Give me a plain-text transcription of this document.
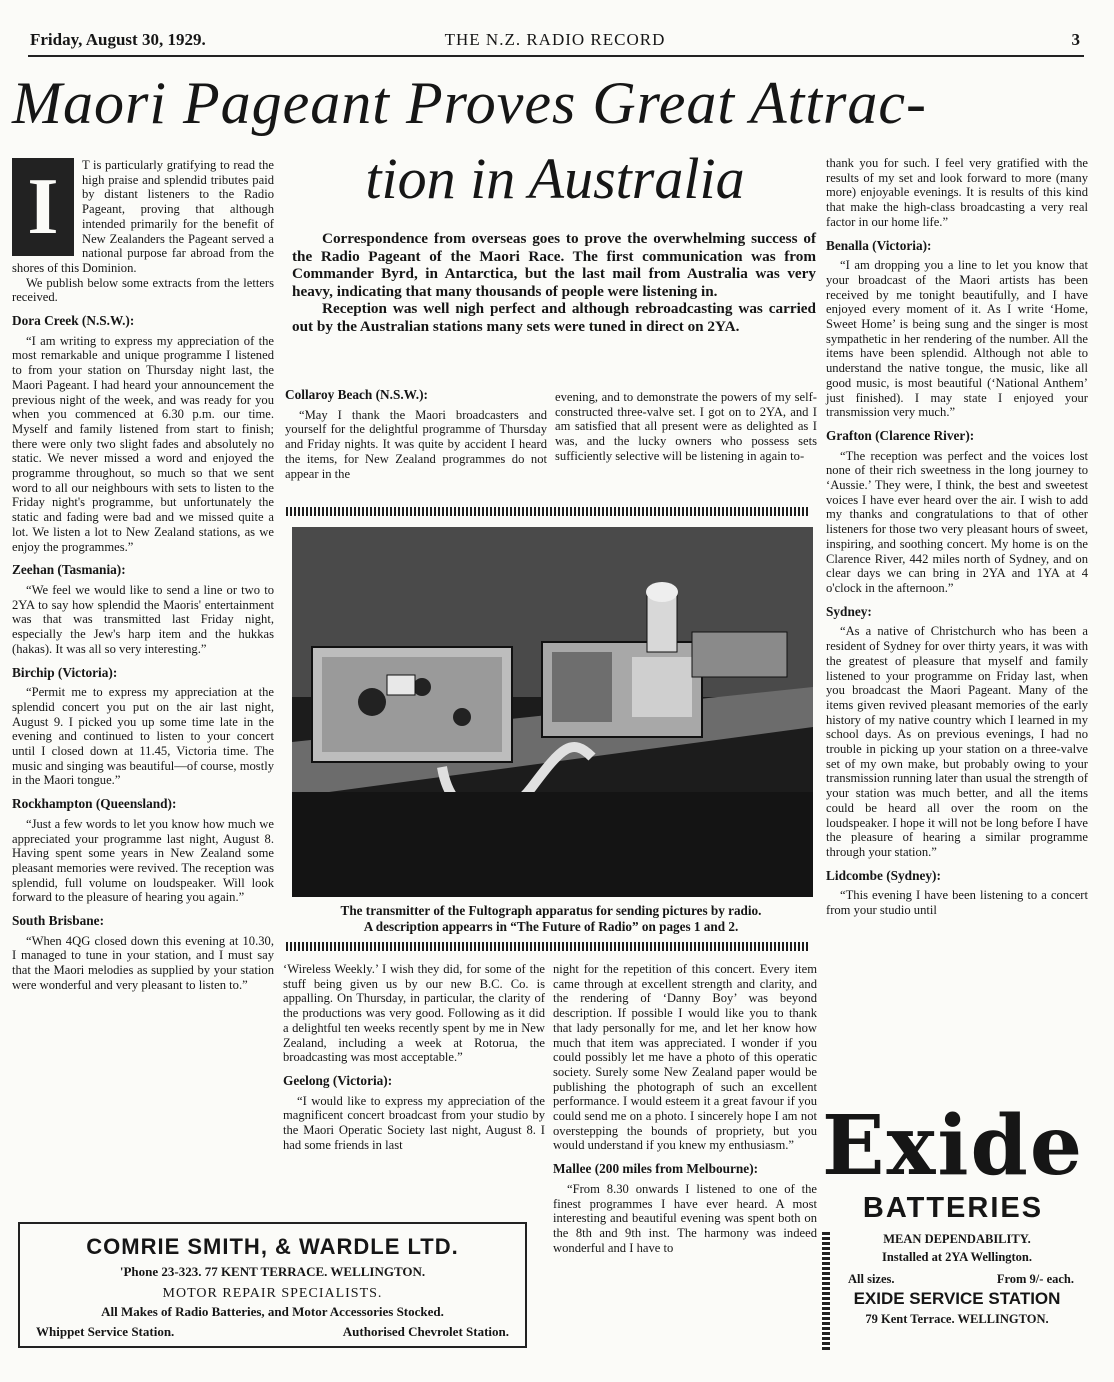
Friday, August 30, 1929.	THE N.Z. RADIO RECORD	3
Maori Pageant Proves Great Attrac-
tion in Australia

Correspondence from overseas goes to prove the overwhelming success of the Radio Pageant of the Maori Race. The first communication was from Commander Byrd, in Antarctica, but the last mail from Australia was very heavy, indicating that many thousands of people were listening in.

Reception was well nigh perfect and although rebroadcasting was carried out by the Australian stations many sets were tuned in direct on 2YA.

I	T is particularly gratifying to read the high praise and splendid tributes paid by distant listeners to the Radio Pageant, proving that although intended primarily for the benefit of New Zealanders the Pageant served a national purpose far abroad from the shores of this Dominion.

We publish below some extracts from the letters received.

Dora Creek (N.S.W.):

“I am writing to express my appreciation of the most remarkable and unique programme I listened to from your station on Thursday night last, the Maori Pageant. I had heard your announcement the previous night of the week, and was ready for you when you commenced at 6.30 p.m. our time. Myself and family listened from start to finish; there were only two slight fades and absolutely no static. We never missed a word and enjoyed the programme throughout, so much so that we sent word to all our neighbours with sets to listen to the Friday night's programme, but unfortunately the static and fading were bad and we missed quite a lot. We listen a lot to New Zealand stations, as we enjoy the programmes.”

Zeehan (Tasmania):

“We feel we would like to send a line or two to 2YA to say how splendid the Maoris' entertainment was that was transmitted last Friday night, especially the Jew's harp item and the hukkas (hakas). It was all so very interesting.”

Birchip (Victoria):

“Permit me to express my appreciation at the splendid concert you put on the air last night, August 9. I picked you up some time late in the evening and continued to listen to your concert until I closed down at 11.45, Victoria time. The music and singing was beautiful—of course, mostly in the Maori tongue.”

Rockhampton (Queensland):

“Just a few words to let you know how much we appreciated your programme last night, August 8. Having spent some years in New Zealand some pleasant memories were revived. The reception was splendid, full volume on loudspeaker. Will look forward to the pleasure of hearing you again.”

South Brisbane:

“When 4QG closed down this evening at 10.30, I managed to tune in your station, and I must say that the Maori melodies as supplied by your station were wonderful and very pleasant to listen to.”

Collaroy Beach (N.S.W.):

“May I thank the Maori broadcasters and yourself for the delightful programme of Thursday and Friday nights. It was quite by accident I heard the items, for New Zealand programmes do not appear in the

evening, and to demonstrate the powers of my self-constructed three-valve set. I got on to 2YA, and I am satisfied that all present were as delighted as I was, and the lucky owners who possess sets sufficiently selective will be listening in again to-

The transmitter of the Fultograph apparatus for sending pictures by radio.
A description appearrs in “The Future of Radio” on pages 1 and 2.

‘Wireless Weekly.’ I wish they did, for some of the stuff being given us by our new B.C. Co. is appalling. On Thursday, in particular, the clarity of the productions was very good. Following as it did a delightful ten weeks recently spent by me in New Zealand, including a week at Rotorua, the broadcasting was most acceptable.”

Geelong (Victoria):

“I would like to express my appreciation of the magnificent concert broadcast from your studio by the Maori Operatic Society last night, August 8. I had some friends in last

night for the repetition of this concert. Every item came through at excellent strength and clarity, and the rendering of ‘Danny Boy’ was beyond description. If possible I would like you to thank that lady personally for me, and let her know how much that item was appreciated. I wonder if you could possibly let me have a photo of this operatic society. Surely some New Zealand paper would be publishing the photograph of such an excellent performance. I would esteem it a great favour if you could send me on a photo. I sincerely hope I am not overstepping the bounds of propriety, but you would understand if you knew my enthusiasm.”

Mallee (200 miles from Melbourne):

“From 8.30 onwards I listened to one of the finest programmes I have ever heard. A most interesting and beautiful evening was spent both on the 8th and 9th inst. The harmony was indeed wonderful and I have to

thank you for such. I feel very gratified with the results of my set and look forward to more (many more) enjoyable evenings. It is results of this kind that make the high-class broadcasting a very real factor in our home life.”

Benalla (Victoria):

“I am dropping you a line to let you know that your broadcast of the Maori artists has been received by me tonight beautifully, and I have enjoyed every moment of it. As I write ‘Home, Sweet Home’ is being sung and the singer is most sympathetic in her rendering of the number. All the items have been splendid. Although not able to understand the native tongue, the music, like all good music, is most beautiful (‘National Anthem’ just finished). I may state I enjoyed your transmission very much.”

Grafton (Clarence River):

“The reception was perfect and the voices lost none of their rich sweetness in the long journey to ‘Aussie.’ They were, I think, the best and sweetest voices I have ever heard over the air. I wish to add my thanks and congratulations to that of other listeners for those two very pleasant hours of sweet, inspiring, and soothing concert. My home is on the Clarence River, 442 miles north of Sydney, and on clear days we can bring in 2YA and 1YA at 4 o'clock in the afternoon.”

Sydney:

“As a native of Christchurch who has been a resident of Sydney for over thirty years, it was with the greatest of pleasure that myself and family listened to your programme on Friday last, when you broadcast the Maori Pageant. Many of the items given revived pleasant memories of the early history of my native country which I learned in my school days. As on previous evenings, I had no trouble in picking up your station on a three-valve set of my own make, but probably owing to your transmission running later than usual the strength of your station was much better, and all the items could be heard all over the room on the loudspeaker. I hope it will not be long before I have the pleasure of hearing a similar programme through your station.”

Lidcombe (Sydney):

“This evening I have been listening to a concert from your studio until

COMRIE SMITH, & WARDLE LTD.
'Phone 23-323. 77 KENT TERRACE. WELLINGTON.
MOTOR REPAIR SPECIALISTS.
All Makes of Radio Batteries, and Motor Accessories Stocked.
Whippet Service Station.	Authorised Chevrolet Station.
Exide
BATTERIES
MEAN DEPENDABILITY.
Installed at 2YA Wellington.
All sizes.	From 9/- each.
EXIDE SERVICE STATION
79 Kent Terrace. WELLINGTON.
